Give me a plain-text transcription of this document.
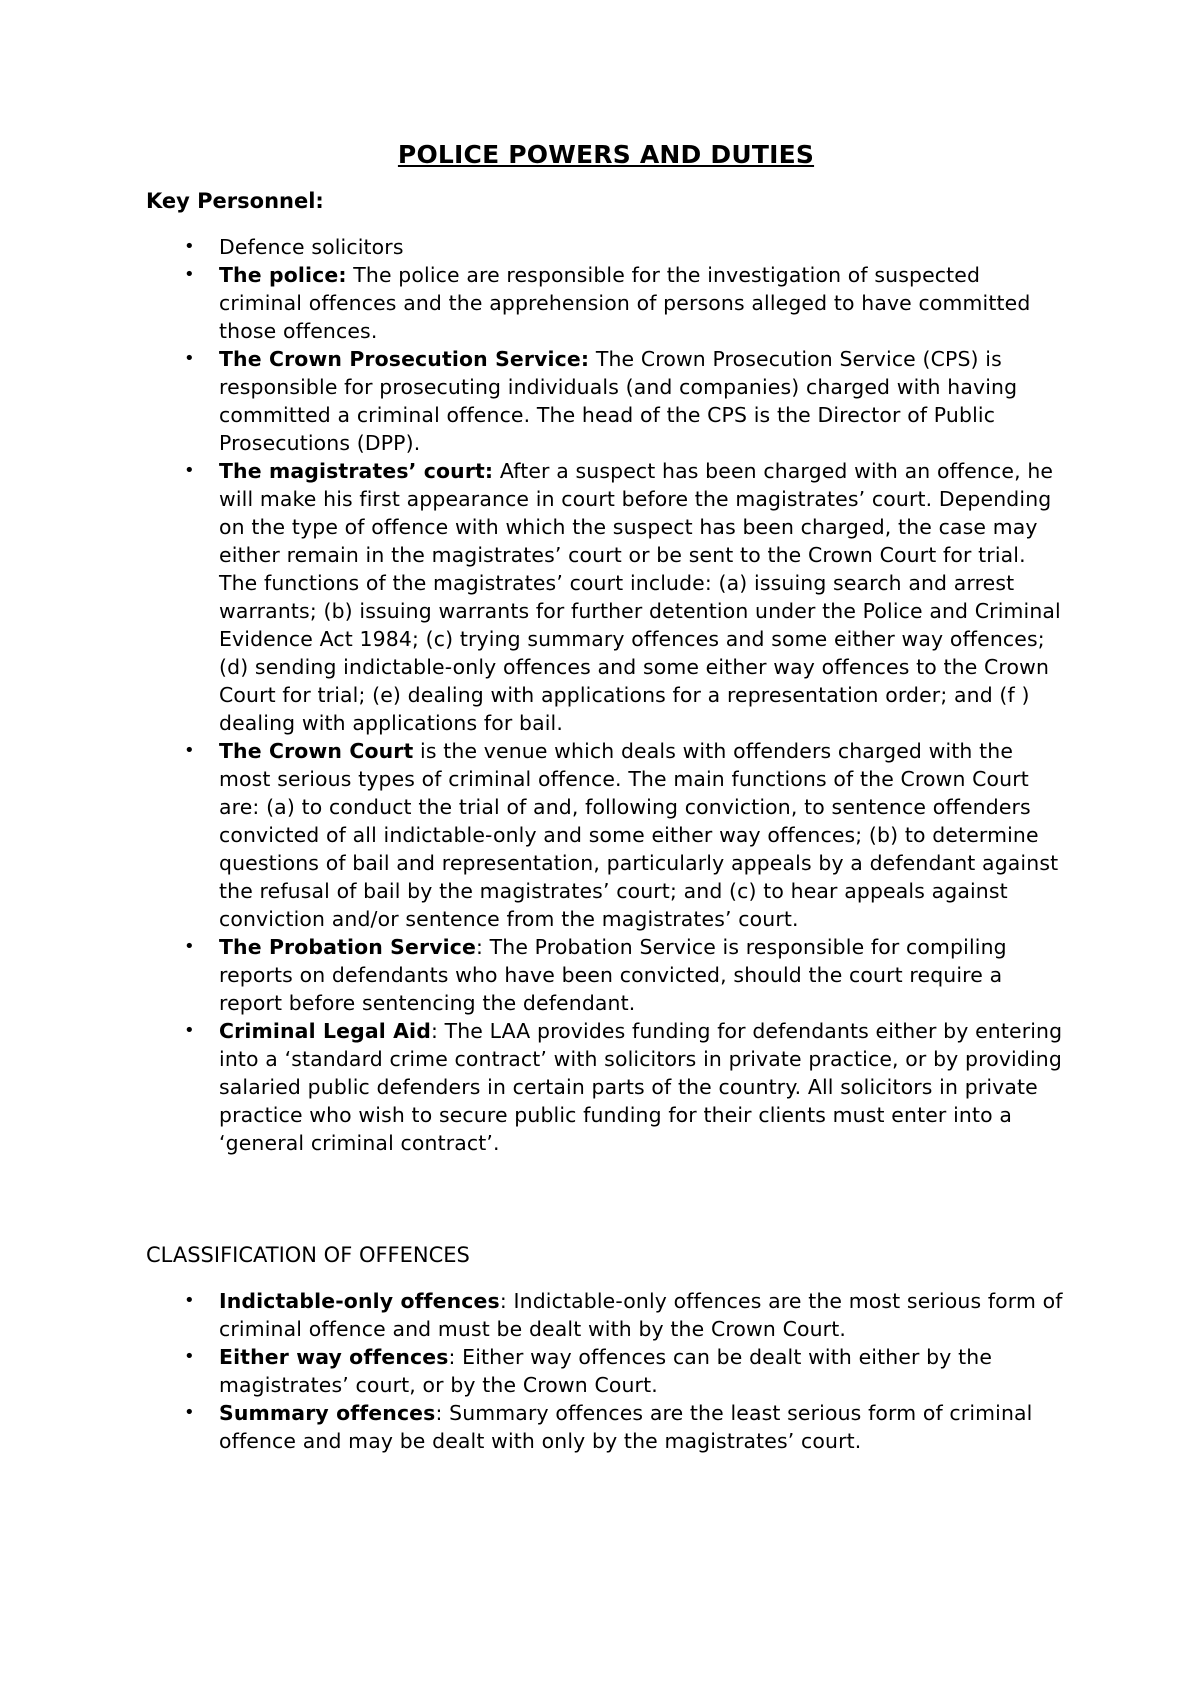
POLICE POWERS AND DUTIES
Key Personnel:
• Defence solicitors
• The police: The police are responsible for the investigation of suspected criminal offences and the apprehension of persons alleged to have committed those offences.
• The Crown Prosecution Service: The Crown Prosecution Service (CPS) is responsible for prosecuting individuals (and companies) charged with having committed a criminal offence. The head of the CPS is the Director of Public Prosecutions (DPP).
• The magistrates’ court: After a suspect has been charged with an offence, he will make his first appearance in court before the magistrates’ court. Depending on the type of offence with which the suspect has been charged, the case may either remain in the magistrates’ court or be sent to the Crown Court for trial. The functions of the magistrates’ court include: (a) issuing search and arrest warrants; (b) issuing warrants for further detention under the Police and Criminal Evidence Act 1984; (c) trying summary offences and some either way offences; (d) sending indictable-only offences and some either way offences to the Crown Court for trial; (e) dealing with applications for a representation order; and (f ) dealing with applications for bail.
• The Crown Court is the venue which deals with offenders charged with the most serious types of criminal offence. The main functions of the Crown Court are: (a) to conduct the trial of and, following conviction, to sentence offenders convicted of all indictable-only and some either way offences; (b) to determine questions of bail and representation, particularly appeals by a defendant against the refusal of bail by the magistrates’ court; and (c) to hear appeals against conviction and/or sentence from the magistrates’ court.
• The Probation Service: The Probation Service is responsible for compiling reports on defendants who have been convicted, should the court require a report before sentencing the defendant.
• Criminal Legal Aid: The LAA provides funding for defendants either by entering into a ‘standard crime contract’ with solicitors in private practice, or by providing salaried public defenders in certain parts of the country. All solicitors in private practice who wish to secure public funding for their clients must enter into a ‘general criminal contract’.
CLASSIFICATION OF OFFENCES
• Indictable-only offences: Indictable-only offences are the most serious form of criminal offence and must be dealt with by the Crown Court.
• Either way offences: Either way offences can be dealt with either by the magistrates’ court, or by the Crown Court.
• Summary offences: Summary offences are the least serious form of criminal offence and may be dealt with only by the magistrates’ court.
